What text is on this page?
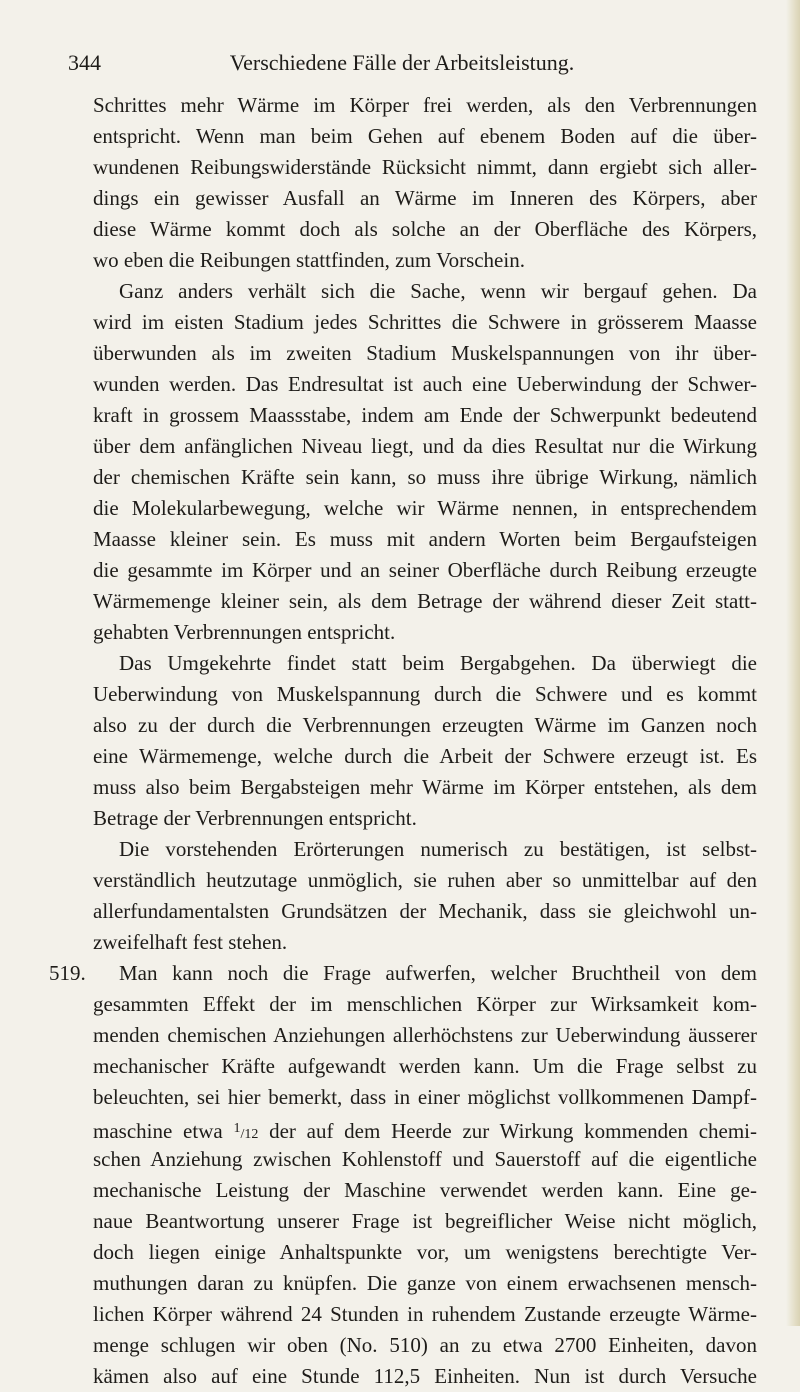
344	Verschiedene Fälle der Arbeitsleistung.
Schrittes mehr Wärme im Körper frei werden, als den Verbrennungen
entspricht. Wenn man beim Gehen auf ebenem Boden auf die über-
wundenen Reibungswiderstände Rücksicht nimmt, dann ergiebt sich aller-
dings ein gewisser Ausfall an Wärme im Inneren des Körpers, aber
diese Wärme kommt doch als solche an der Oberfläche des Körpers,
wo eben die Reibungen stattfinden, zum Vorschein.
Ganz anders verhält sich die Sache, wenn wir bergauf gehen. Da
wird im eisten Stadium jedes Schrittes die Schwere in grösserem Maasse
überwunden als im zweiten Stadium Muskelspannungen von ihr über-
wunden werden. Das Endresultat ist auch eine Ueberwindung der Schwer-
kraft in grossem Maassstabe, indem am Ende der Schwerpunkt bedeutend
über dem anfänglichen Niveau liegt, und da dies Resultat nur die Wirkung
der chemischen Kräfte sein kann, so muss ihre übrige Wirkung, nämlich
die Molekularbewegung, welche wir Wärme nennen, in entsprechendem
Maasse kleiner sein. Es muss mit andern Worten beim Bergaufsteigen
die gesammte im Körper und an seiner Oberfläche durch Reibung erzeugte
Wärmemenge kleiner sein, als dem Betrage der während dieser Zeit statt-
gehabten Verbrennungen entspricht.
Das Umgekehrte findet statt beim Bergabgehen. Da überwiegt die
Ueberwindung von Muskelspannung durch die Schwere und es kommt
also zu der durch die Verbrennungen erzeugten Wärme im Ganzen noch
eine Wärmemenge, welche durch die Arbeit der Schwere erzeugt ist. Es
muss also beim Bergabsteigen mehr Wärme im Körper entstehen, als dem
Betrage der Verbrennungen entspricht.
Die vorstehenden Erörterungen numerisch zu bestätigen, ist selbst-
verständlich heutzutage unmöglich, sie ruhen aber so unmittelbar auf den
allerfundamentalsten Grundsätzen der Mechanik, dass sie gleichwohl un-
zweifelhaft fest stehen.
519. Man kann noch die Frage aufwerfen, welcher Bruchtheil von dem
gesammten Effekt der im menschlichen Körper zur Wirksamkeit kom-
menden chemischen Anziehungen allerhöchstens zur Ueberwindung äusserer
mechanischer Kräfte aufgewandt werden kann. Um die Frage selbst zu
beleuchten, sei hier bemerkt, dass in einer möglichst vollkommenen Dampf-
maschine etwa 1/12 der auf dem Heerde zur Wirkung kommenden chemi-
schen Anziehung zwischen Kohlenstoff und Sauerstoff auf die eigentliche
mechanische Leistung der Maschine verwendet werden kann. Eine ge-
naue Beantwortung unserer Frage ist begreiflicher Weise nicht möglich,
doch liegen einige Anhaltspunkte vor, um wenigstens berechtigte Ver-
muthungen daran zu knüpfen. Die ganze von einem erwachsenen mensch-
lichen Körper während 24 Stunden in ruhendem Zustande erzeugte Wärme-
menge schlugen wir oben (No. 510) an zu etwa 2700 Einheiten, davon
kämen also auf eine Stunde 112,5 Einheiten. Nun ist durch Versuche
